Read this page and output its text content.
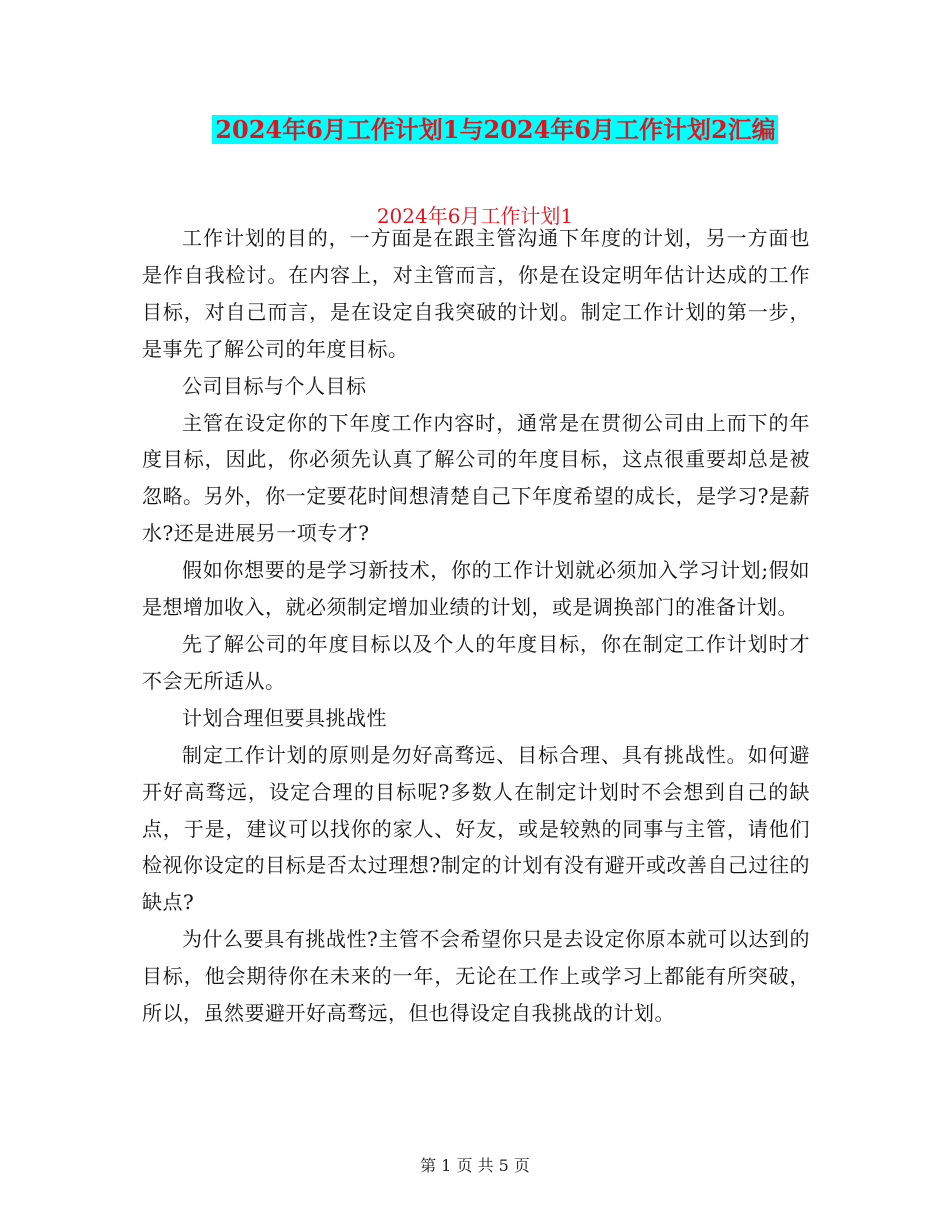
2024年6月工作计划1与2024年6月工作计划2汇编
2024年6月工作计划1

工作计划的目的，一方面是在跟主管沟通下年度的计划，另一方面也是作自我检讨。在内容上，对主管而言，你是在设定明年估计达成的工作目标，对自己而言，是在设定自我突破的计划。制定工作计划的第一步，是事先了解公司的年度目标。

公司目标与个人目标

主管在设定你的下年度工作内容时，通常是在贯彻公司由上而下的年度目标，因此，你必须先认真了解公司的年度目标，这点很重要却总是被忽略。另外，你一定要花时间想清楚自己下年度希望的成长，是学习?是薪水?还是进展另一项专才?

假如你想要的是学习新技术，你的工作计划就必须加入学习计划;假如是想增加收入，就必须制定增加业绩的计划，或是调换部门的准备计划。

先了解公司的年度目标以及个人的年度目标，你在制定工作计划时才不会无所适从。

计划合理但要具挑战性

制定工作计划的原则是勿好高骛远、目标合理、具有挑战性。如何避开好高骛远，设定合理的目标呢?多数人在制定计划时不会想到自己的缺点，于是，建议可以找你的家人、好友，或是较熟的同事与主管，请他们检视你设定的目标是否太过理想?制定的计划有没有避开或改善自己过往的缺点?

为什么要具有挑战性?主管不会希望你只是去设定你原本就可以达到的目标，他会期待你在未来的一年，无论在工作上或学习上都能有所突破，所以，虽然要避开好高骛远，但也得设定自我挑战的计划。

第 1 页 共 5 页
